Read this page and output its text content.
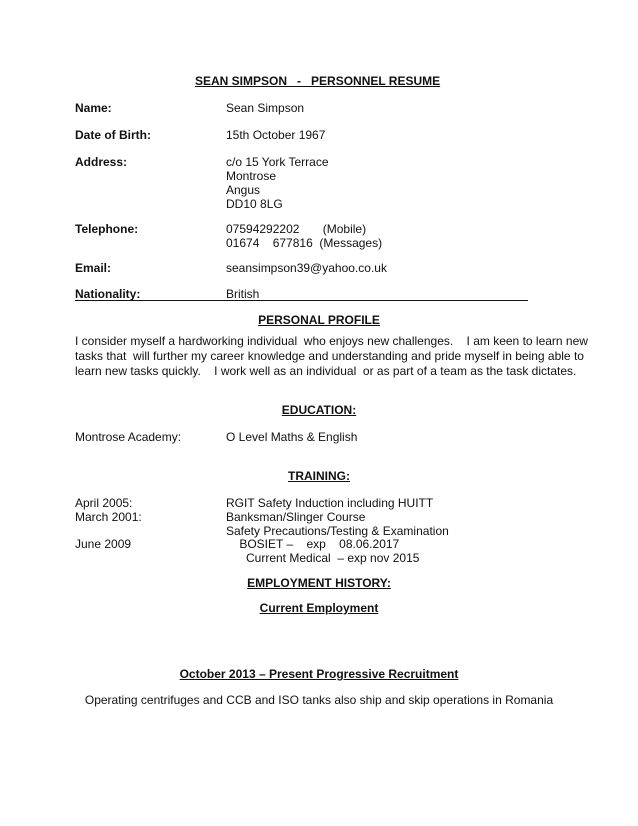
SEAN SIMPSON   -   PERSONNEL RESUME
Name:	Sean Simpson
Date of Birth:	15th October 1967
Address:	c/o 15 York Terrace
Montrose
Angus
DD10 8LG
Telephone:	07594292202       (Mobile)
01674    677816  (Messages)
Email:	seansimpson39@yahoo.co.uk
Nationality:	British
PERSONAL PROFILE
I consider myself a hardworking individual  who enjoys new challenges.    I am keen to learn new
tasks that  will further my career knowledge and understanding and pride myself in being able to
learn new tasks quickly.    I work well as an individual  or as part of a team as the task dictates.
EDUCATION:
Montrose Academy:	O Level Maths & English
TRAINING:
April 2005:	RGIT Safety Induction including HUITT
March 2001:	Banksman/Slinger Course
Safety Precautions/Testing & Examination
June 2009	BOSIET –    exp    08.06.2017
Current Medical  – exp nov 2015
EMPLOYMENT HISTORY:
Current Employment
October 2013 – Present Progressive Recruitment
Operating centrifuges and CCB and ISO tanks also ship and skip operations in Romania
